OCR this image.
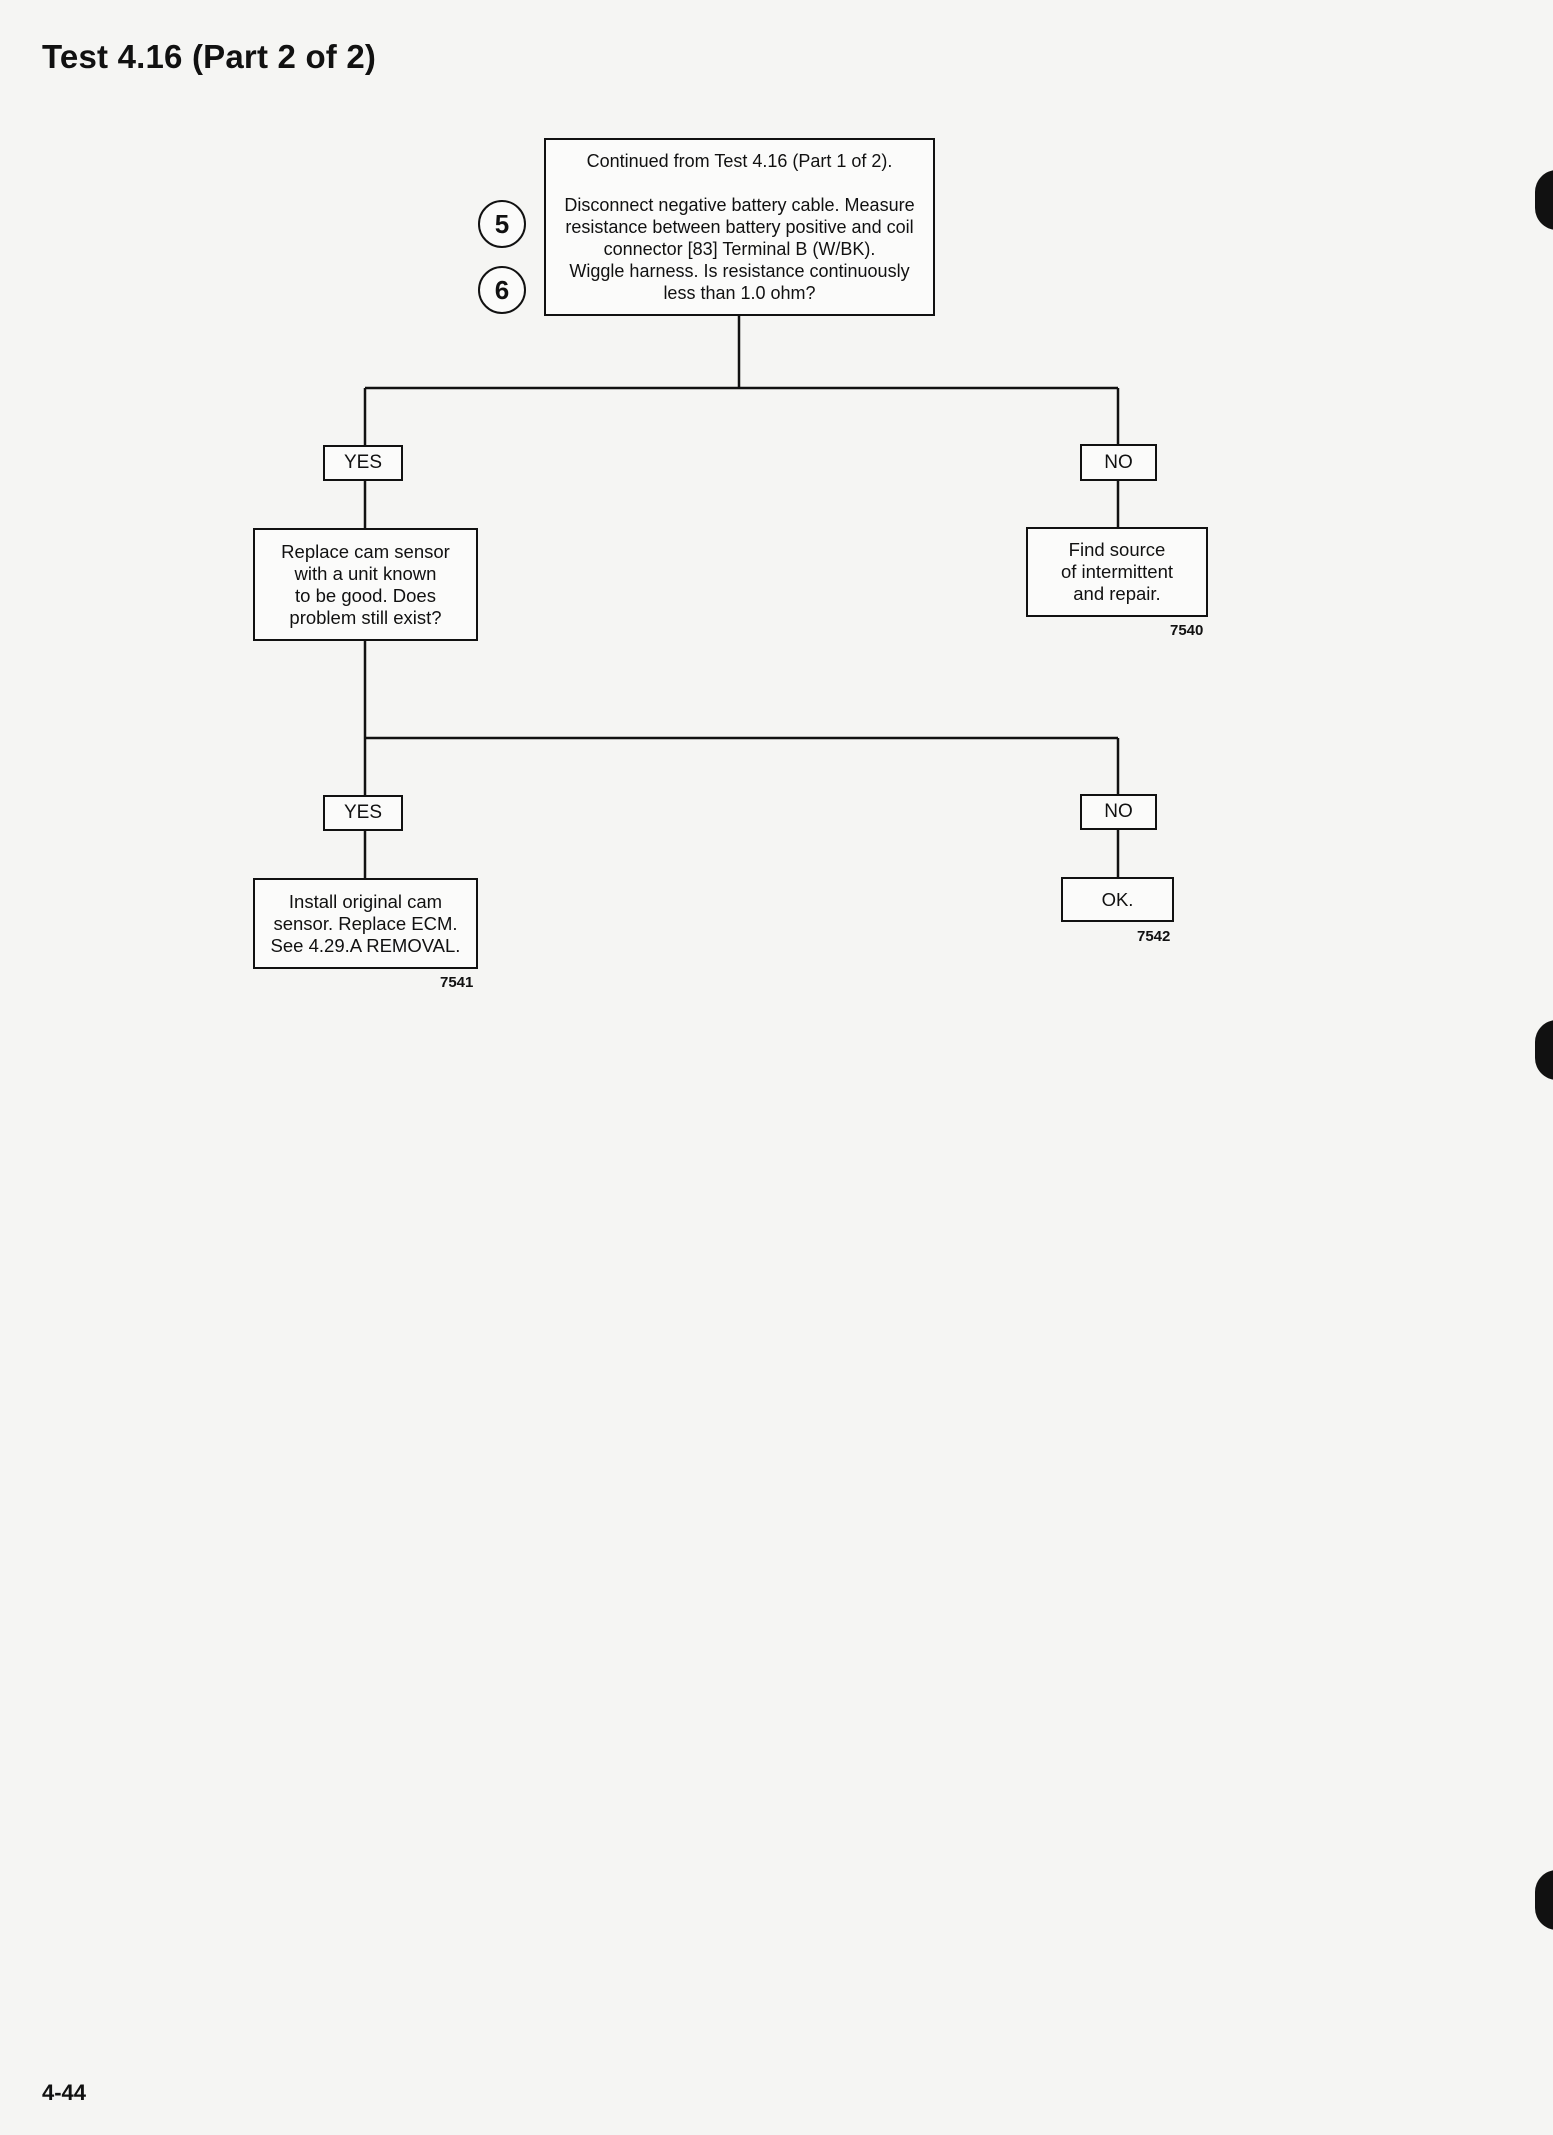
Test 4.16 (Part 2 of 2)
5
6
Continued from Test 4.16 (Part 1 of 2).
Disconnect negative battery cable. Measure
resistance between battery positive and coil
connector [83] Terminal B (W/BK).
Wiggle harness. Is resistance continuously
less than 1.0 ohm?
YES	NO
Replace cam sensor
with a unit known
to be good. Does
problem still exist?
Find source
of intermittent
and repair.
7540
YES	NO
Install original cam
sensor. Replace ECM.
See 4.29.A REMOVAL.
7541
OK.
7542
4-44
